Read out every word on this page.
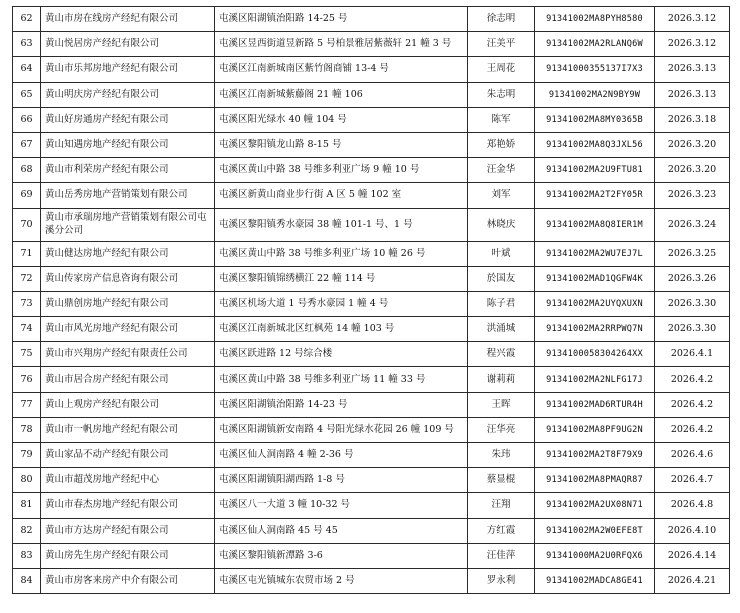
62	黄山市房在线房产经纪有限公司	屯溪区阳湖镇治阳路 14-25 号	徐志明	91341002MA8PYH8580	2026.3.12
63	黄山悦居房产经纪有限公司	屯溪区昱西街道昱新路 5 号柏景雅居紫薇轩 21 幢 3 号	汪美平	91341002MA2RLANQ6W	2026.3.12
64	黄山市乐邦房地产经纪有限公司	屯溪区江南新城南区紫竹阁商铺 13-4 号	王周花	91341000355137I7X3	2026.3.13
65	黄山明庆房产经纪有限公司	屯溪区江南新城紫藤阁 21 幢 106	朱志明	91341002MA2N9BY9W	2026.3.13
66	黄山好房通房产经纪有限公司	屯溪区阳光绿水 40 幢 104 号	陈军	91341002MA8MY0365B	2026.3.18
67	黄山知遇房地产经纪有限公司	屯溪区黎阳镇龙山路 8-15 号	郑艳娇	91341002MA8Q3JXL56	2026.3.20
68	黄山市利荣房产经纪有限公司	屯溪区黄山中路 38 号维多利亚广场 9 幢 10 号	汪金华	91341002MA2U9FTU81	2026.3.20
69	黄山岳秀房地产营销策划有限公司	屯溪区新黄山商业步行街 A 区 5 幢 102 室	刘军	91341002MA2T2FY05R	2026.3.23
70	黄山市承瑞房地产营销策划有限公司屯溪分公司	屯溪区黎阳镇秀水豪园 38 幢 101-1 号、1 号	林晓庆	91341002MA8Q8IER1M	2026.3.24
71	黄山健达房地产经纪有限公司	屯溪区黄山中路 38 号维多利亚广场 10 幢 26 号	叶斌	91341002MA2WU7EJ7L	2026.3.25
72	黄山传家房产信息咨询有限公司	屯溪区黎阳镇锦绣横江 22 幢 114 号	於国友	91341002MAD1QGFW4K	2026.3.26
73	黄山鼎创房地产经纪有限公司	屯溪区机场大道 1 号秀水豪园 1 幢 4 号	陈子君	91341002MA2UYQXUXN	2026.3.30
74	黄山市风光房地产经纪有限公司	屯溪区江南新城北区红枫苑 14 幢 103 号	洪涌城	91341002MA2RRPWQ7N	2026.3.30
75	黄山市兴翔房产经纪有限责任公司	屯溪区跃进路 12 号综合楼	程兴霞	9134100058304264XX	2026.4.1
76	黄山市居合房产经纪有限公司	屯溪区黄山中路 38 号维多利亚广场 11 幢 33 号	谢莉莉	91341002MA2NLFG17J	2026.4.2
77	黄山上观房产经纪有限公司	屯溪区阳湖镇治阳路 14-23 号	王晖	91341002MAD6RTUR4H	2026.4.2
78	黄山市一帆房地产经纪有限公司	屯溪区阳湖镇新安南路 4 号阳光绿水花园 26 幢 109 号	汪华亮	91341002MA8PF9UG2N	2026.4.2
79	黄山家品不动产经纪有限公司	屯溪区仙人洞南路 4 幢 2-36 号	朱玮	91341002MA2T8F79X9	2026.4.6
80	黄山市超茂房地产经纪中心	屯溪区阳湖镇阳湖西路 1-8 号	蔡显棍	91341002MA8PMAQR87	2026.4.7
81	黄山市春杰房地产经纪有限公司	屯溪区八一大道 3 幢 10-32 号	汪翔	91341002MA2UX08N71	2026.4.8
82	黄山市方达房产经纪有限公司	屯溪区仙人洞南路 45 号 45	方红霞	91341002MA2W0EFE8T	2026.4.10
83	黄山房先生房产经纪有限公司	屯溪区黎阳镇新潭路 3-6	汪佳萍	91341000MA2U0RFQX6	2026.4.14
84	黄山市房客来房产中介有限公司	屯溪区屯光镇城东农贸市场 2 号	罗永利	91341002MADCA8GE41	2026.4.21
